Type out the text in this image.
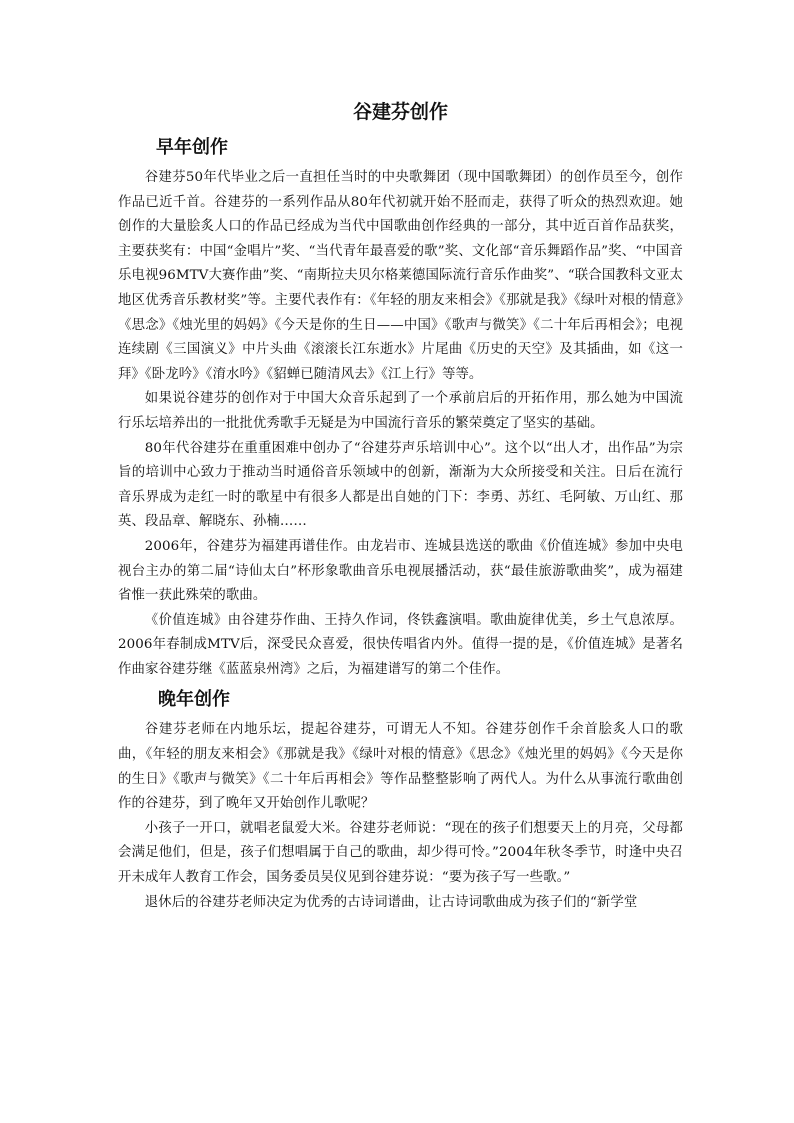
谷建芬创作
早年创作

谷建芬50年代毕业之后一直担任当时的中央歌舞团（现中国歌舞团）的创作员至今，创作作品已近千首。谷建芬的一系列作品从80年代初就开始不胫而走，获得了听众的热烈欢迎。她创作的大量脍炙人口的作品已经成为当代中国歌曲创作经典的一部分，其中近百首作品获奖，主要获奖有：中国“金唱片”奖、“当代青年最喜爱的歌”奖、文化部“音乐舞蹈作品”奖、“中国音乐电视96MTV大赛作曲”奖、“南斯拉夫贝尔格莱德国际流行音乐作曲奖”、“联合国教科文亚太地区优秀音乐教材奖”等。主要代表作有：《年轻的朋友来相会》《那就是我》《绿叶对根的情意》《思念》《烛光里的妈妈》《今天是你的生日——中国》《歌声与微笑》《二十年后再相会》；电视连续剧《三国演义》中片头曲《滚滚长江东逝水》片尾曲《历史的天空》及其插曲，如《这一拜》《卧龙吟》《淯水吟》《貂蝉已随清风去》《江上行》等等。

如果说谷建芬的创作对于中国大众音乐起到了一个承前启后的开拓作用，那么她为中国流行乐坛培养出的一批批优秀歌手无疑是为中国流行音乐的繁荣奠定了坚实的基础。

80年代谷建芬在重重困难中创办了“谷建芬声乐培训中心”。这个以“出人才，出作品”为宗旨的培训中心致力于推动当时通俗音乐领域中的创新，渐渐为大众所接受和关注。日后在流行音乐界成为走红一时的歌星中有很多人都是出自她的门下：李勇、苏红、毛阿敏、万山红、那英、段品章、解晓东、孙楠……

2006年，谷建芬为福建再谱佳作。由龙岩市、连城县选送的歌曲《价值连城》参加中央电视台主办的第二届“诗仙太白”杯形象歌曲音乐电视展播活动，获“最佳旅游歌曲奖”，成为福建省惟一获此殊荣的歌曲。

《价值连城》由谷建芬作曲、王持久作词，佟铁鑫演唱。歌曲旋律优美，乡土气息浓厚。2006年春制成MTV后，深受民众喜爱，很快传唱省内外。值得一提的是，《价值连城》是著名作曲家谷建芬继《蓝蓝泉州湾》之后，为福建谱写的第二个佳作。

晚年创作

谷建芬老师在内地乐坛，提起谷建芬，可谓无人不知。谷建芬创作千余首脍炙人口的歌曲，《年轻的朋友来相会》《那就是我》《绿叶对根的情意》《思念》《烛光里的妈妈》《今天是你的生日》《歌声与微笑》《二十年后再相会》等作品整整影响了两代人。为什么从事流行歌曲创作的谷建芬，到了晚年又开始创作儿歌呢？

小孩子一开口，就唱老鼠爱大米。谷建芬老师说：“现在的孩子们想要天上的月亮，父母都会满足他们，但是，孩子们想唱属于自己的歌曲，却少得可怜。”2004年秋冬季节，时逢中央召开未成年人教育工作会，国务委员吴仪见到谷建芬说：“要为孩子写一些歌。”

退休后的谷建芬老师决定为优秀的古诗词谱曲，让古诗词歌曲成为孩子们的“新学堂
